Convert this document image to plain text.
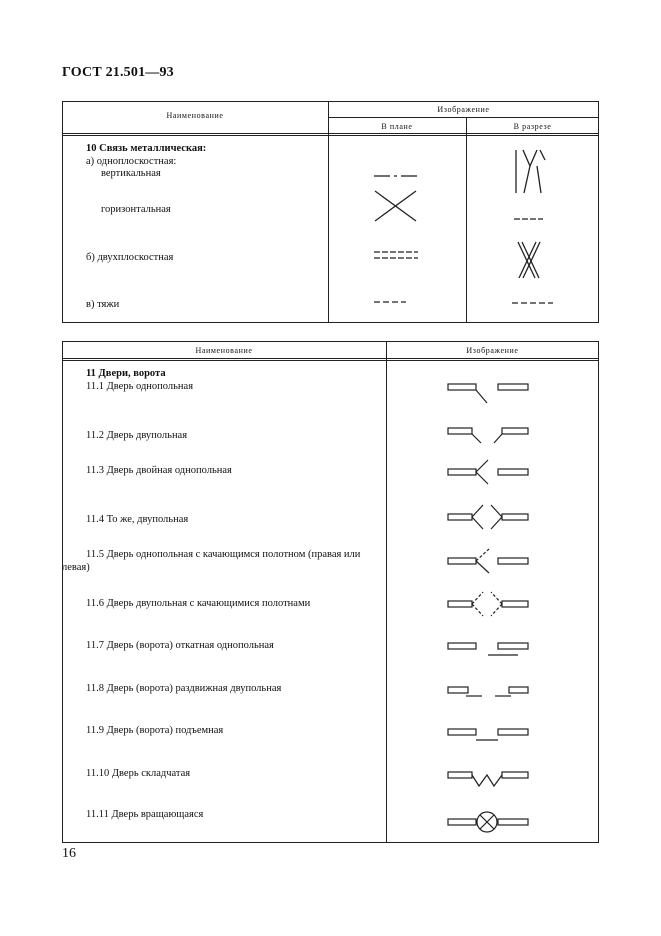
ГОСТ 21.501—93
Наименование
Изображение
В плане	В разрезе
10 Связь металлическая:
а) одноплоскостная:
вертикальная
горизонтальная
б) двухплоскостная
в) тяжи
Наименование	Изображение
11 Двери, ворота
11.1 Дверь однопольная
11.2 Дверь двупольная
11.3 Дверь двойная однопольная
11.4 То же, двупольная
11.5 Дверь однопольная с качающимся полотном (правая или
левая)
11.6 Дверь двупольная с качающимися полотнами
11.7 Дверь (ворота) откатная однопольная
11.8 Дверь (ворота) раздвижная двупольная
11.9 Дверь (ворота) подъемная
11.10 Дверь складчатая
11.11 Дверь вращающаяся
16
